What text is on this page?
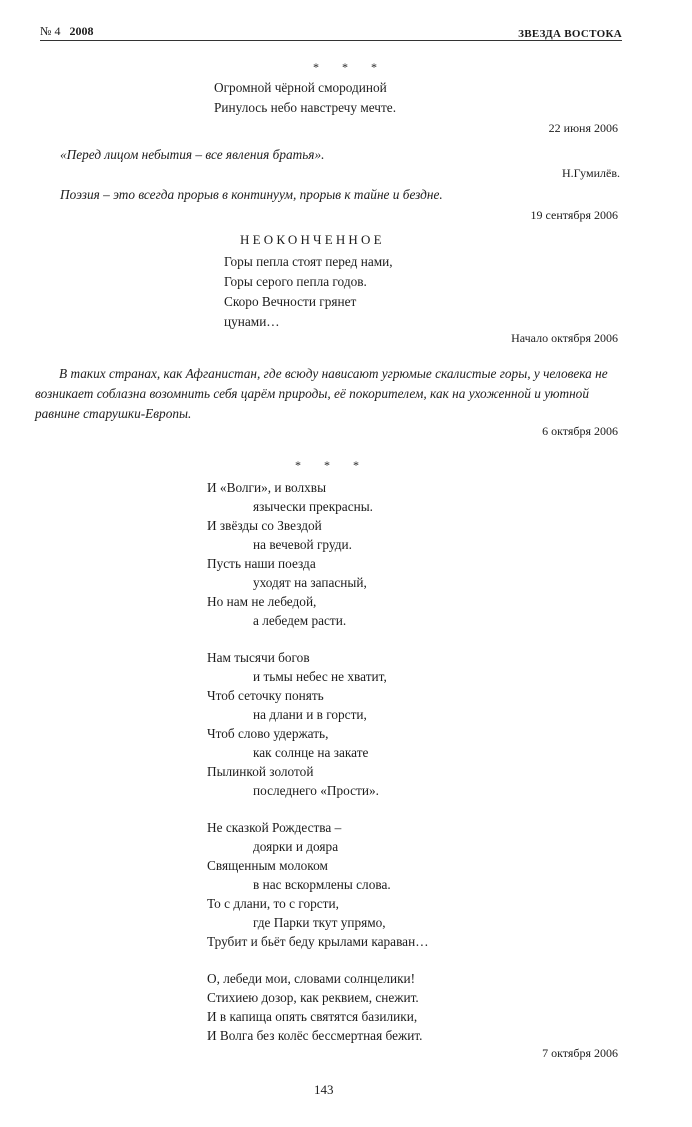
№ 4 2008	ЗВЕЗДА ВОСТОКА
* * *
Огромной чёрной смородиной
Ринулось небо навстречу мечте.
22 июня 2006
«Перед лицом небытия – все явления братья».
Н.Гумилёв.
Поэзия – это всегда прорыв в континуум, прорыв к тайне и бездне.
19 сентября 2006
НЕОКОНЧЕННОЕ
Горы пепла стоят перед нами,
Горы серого пепла годов.
Скоро Вечности грянет
цунами…
Начало октября 2006
В таких странах, как Афганистан, где всюду нависают угрюмые скалистые горы, у человека не возникает соблазна возомнить себя царём природы, её покорителем, как на ухоженной и уютной равнине старушки-Европы.
6 октября 2006
* * *
И «Волги», и волхвы
язычески прекрасны.
И звёзды со Звездой
на вечевой груди.
Пусть наши поезда
уходят на запасный,
Но нам не лебедой,
а лебедем расти.
Нам тысячи богов
и тьмы небес не хватит,
Чтоб сеточку понять
на длани и в горсти,
Чтоб слово удержать,
как солнце на закате
Пылинкой золотой
последнего «Прости».
Не сказкой Рождества –
доярки и дояра
Священным молоком
в нас вскормлены слова.
То с длани, то с горсти,
где Парки ткут упрямо,
Трубит и бьёт беду крылами караван…
О, лебеди мои, словами солнцелики!
Стихиею дозор, как реквием, снежит.
И в капища опять святятся базилики,
И Волга без колёс бессмертная бежит.
7 октября 2006
143
